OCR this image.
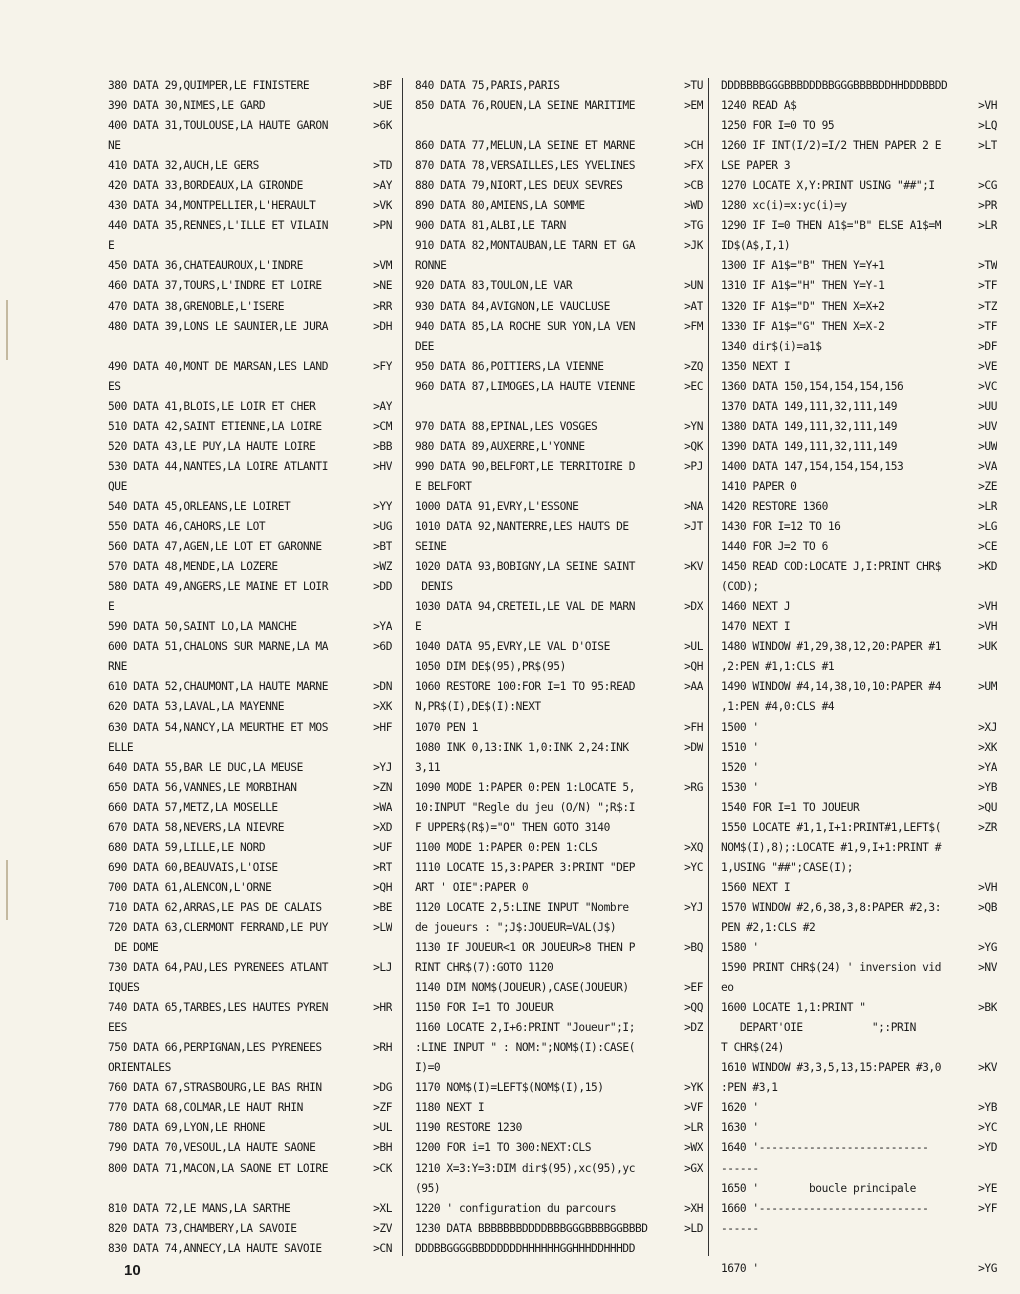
380 DATA 29,QUIMPER,LE FINISTERE	>BF
390 DATA 30,NIMES,LE GARD	>UE
400 DATA 31,TOULOUSE,LA HAUTE GARON	>6K
NE
410 DATA 32,AUCH,LE GERS	>TD
420 DATA 33,BORDEAUX,LA GIRONDE	>AY
430 DATA 34,MONTPELLIER,L'HERAULT	>VK
440 DATA 35,RENNES,L'ILLE ET VILAIN	>PN
E
450 DATA 36,CHATEAUROUX,L'INDRE	>VM
460 DATA 37,TOURS,L'INDRE ET LOIRE	>NE
470 DATA 38,GRENOBLE,L'ISERE	>RR
480 DATA 39,LONS LE SAUNIER,LE JURA	>DH
490 DATA 40,MONT DE MARSAN,LES LAND	>FY
ES
500 DATA 41,BLOIS,LE LOIR ET CHER	>AY
510 DATA 42,SAINT ETIENNE,LA LOIRE	>CM
520 DATA 43,LE PUY,LA HAUTE LOIRE	>BB
530 DATA 44,NANTES,LA LOIRE ATLANTI	>HV
QUE
540 DATA 45,ORLEANS,LE LOIRET	>YY
550 DATA 46,CAHORS,LE LOT	>UG
560 DATA 47,AGEN,LE LOT ET GARONNE	>BT
570 DATA 48,MENDE,LA LOZERE	>WZ
580 DATA 49,ANGERS,LE MAINE ET LOIR	>DD
E
590 DATA 50,SAINT LO,LA MANCHE	>YA
600 DATA 51,CHALONS SUR MARNE,LA MA	>6D
RNE
610 DATA 52,CHAUMONT,LA HAUTE MARNE	>DN
620 DATA 53,LAVAL,LA MAYENNE	>XK
630 DATA 54,NANCY,LA MEURTHE ET MOS	>HF
ELLE
640 DATA 55,BAR LE DUC,LA MEUSE	>YJ
650 DATA 56,VANNES,LE MORBIHAN	>ZN
660 DATA 57,METZ,LA MOSELLE	>WA
670 DATA 58,NEVERS,LA NIEVRE	>XD
680 DATA 59,LILLE,LE NORD	>UF
690 DATA 60,BEAUVAIS,L'OISE	>RT
700 DATA 61,ALENCON,L'ORNE	>QH
710 DATA 62,ARRAS,LE PAS DE CALAIS	>BE
720 DATA 63,CLERMONT FERRAND,LE PUY	>LW
DE DOME
730 DATA 64,PAU,LES PYRENEES ATLANT	>LJ
IQUES
740 DATA 65,TARBES,LES HAUTES PYREN	>HR
EES
750 DATA 66,PERPIGNAN,LES PYRENEES	>RH
ORIENTALES
760 DATA 67,STRASBOURG,LE BAS RHIN	>DG
770 DATA 68,COLMAR,LE HAUT RHIN	>ZF
780 DATA 69,LYON,LE RHONE	>UL
790 DATA 70,VESOUL,LA HAUTE SAONE	>BH
800 DATA 71,MACON,LA SAONE ET LOIRE	>CK
810 DATA 72,LE MANS,LA SARTHE	>XL
820 DATA 73,CHAMBERY,LA SAVOIE	>ZV
830 DATA 74,ANNECY,LA HAUTE SAVOIE	>CN
840 DATA 75,PARIS,PARIS	>TU
850 DATA 76,ROUEN,LA SEINE MARITIME	>EM
860 DATA 77,MELUN,LA SEINE ET MARNE	>CH
870 DATA 78,VERSAILLES,LES YVELINES	>FX
880 DATA 79,NIORT,LES DEUX SEVRES	>CB
890 DATA 80,AMIENS,LA SOMME	>WD
900 DATA 81,ALBI,LE TARN	>TG
910 DATA 82,MONTAUBAN,LE TARN ET GA	>JK
RONNE
920 DATA 83,TOULON,LE VAR	>UN
930 DATA 84,AVIGNON,LE VAUCLUSE	>AT
940 DATA 85,LA ROCHE SUR YON,LA VEN	>FM
DEE
950 DATA 86,POITIERS,LA VIENNE	>ZQ
960 DATA 87,LIMOGES,LA HAUTE VIENNE	>EC
970 DATA 88,EPINAL,LES VOSGES	>YN
980 DATA 89,AUXERRE,L'YONNE	>QK
990 DATA 90,BELFORT,LE TERRITOIRE D	>PJ
E BELFORT
1000 DATA 91,EVRY,L'ESSONE	>NA
1010 DATA 92,NANTERRE,LES HAUTS DE	>JT
SEINE
1020 DATA 93,BOBIGNY,LA SEINE SAINT	>KV
DENIS
1030 DATA 94,CRETEIL,LE VAL DE MARN	>DX
E
1040 DATA 95,EVRY,LE VAL D'OISE	>UL
1050 DIM DE$(95),PR$(95)	>QH
1060 RESTORE 100:FOR I=1 TO 95:READ	>AA
N,PR$(I),DE$(I):NEXT
1070 PEN 1	>FH
1080 INK 0,13:INK 1,0:INK 2,24:INK	>DW
3,11
1090 MODE 1:PAPER 0:PEN 1:LOCATE 5,	>RG
10:INPUT "Regle du jeu (O/N) ";R$:I
F UPPER$(R$)="O" THEN GOTO 3140
1100 MODE 1:PAPER 0:PEN 1:CLS	>XQ
1110 LOCATE 15,3:PAPER 3:PRINT "DEP	>YC
ART ' OIE":PAPER 0
1120 LOCATE 2,5:LINE INPUT "Nombre	>YJ
de joueurs : ";J$:JOUEUR=VAL(J$)
1130 IF JOUEUR<1 OR JOUEUR>8 THEN P	>BQ
RINT CHR$(7):GOTO 1120
1140 DIM NOM$(JOUEUR),CASE(JOUEUR)	>EF
1150 FOR I=1 TO JOUEUR	>QQ
1160 LOCATE 2,I+6:PRINT "Joueur";I;	>DZ
:LINE INPUT " : NOM:";NOM$(I):CASE(
I)=0
1170 NOM$(I)=LEFT$(NOM$(I),15)	>YK
1180 NEXT I	>VF
1190 RESTORE 1230	>LR
1200 FOR i=1 TO 300:NEXT:CLS	>WX
1210 X=3:Y=3:DIM dir$(95),xc(95),yc	>GX
(95)
1220 ' configuration du parcours	>XH
1230 DATA BBBBBBBDDDDBBBGGGBBBBGGBBBD	>LD
DDDBBGGGGBBDDDDDDHHHHHHGGHHHDDHHHDD
DDDBBBBGGGBBBDDDBBGGGBBBBDDHHDDDBBDD
1240 READ A$	>VH
1250 FOR I=0 TO 95	>LQ
1260 IF INT(I/2)=I/2 THEN PAPER 2 E	>LT
LSE PAPER 3
1270 LOCATE X,Y:PRINT USING "##";I	>CG
1280 xc(i)=x:yc(i)=y	>PR
1290 IF I=0 THEN A1$="B" ELSE A1$=M	>LR
ID$(A$,I,1)
1300 IF A1$="B" THEN Y=Y+1	>TW
1310 IF A1$="H" THEN Y=Y-1	>TF
1320 IF A1$="D" THEN X=X+2	>TZ
1330 IF A1$="G" THEN X=X-2	>TF
1340 dir$(i)=a1$	>DF
1350 NEXT I	>VE
1360 DATA 150,154,154,154,156	>VC
1370 DATA 149,111,32,111,149	>UU
1380 DATA 149,111,32,111,149	>UV
1390 DATA 149,111,32,111,149	>UW
1400 DATA 147,154,154,154,153	>VA
1410 PAPER 0	>ZE
1420 RESTORE 1360	>LR
1430 FOR I=12 TO 16	>LG
1440 FOR J=2 TO 6	>CE
1450 READ COD:LOCATE J,I:PRINT CHR$	>KD
(COD);
1460 NEXT J	>VH
1470 NEXT I	>VH
1480 WINDOW #1,29,38,12,20:PAPER #1	>UK
,2:PEN #1,1:CLS #1
1490 WINDOW #4,14,38,10,10:PAPER #4	>UM
,1:PEN #4,0:CLS #4
1500 '	>XJ
1510 '	>XK
1520 '	>YA
1530 '	>YB
1540 FOR I=1 TO JOUEUR	>QU
1550 LOCATE #1,1,I+1:PRINT#1,LEFT$(	>ZR
NOM$(I),8);:LOCATE #1,9,I+1:PRINT #
1,USING "##";CASE(I);
1560 NEXT I	>VH
1570 WINDOW #2,6,38,3,8:PAPER #2,3:	>QB
PEN #2,1:CLS #2
1580 '	>YG
1590 PRINT CHR$(24) ' inversion vid	>NV
eo
1600 LOCATE 1,1:PRINT "	>BK
DEPART'OIE           ";:PRIN
T CHR$(24)
1610 WINDOW #3,3,5,13,15:PAPER #3,0	>KV
:PEN #3,1
1620 '	>YB
1630 '	>YC
1640 '---------------------------	>YD
------
1650 '        boucle principale	>YE
1660 '---------------------------	>YF
------
1670 '	>YG
10
